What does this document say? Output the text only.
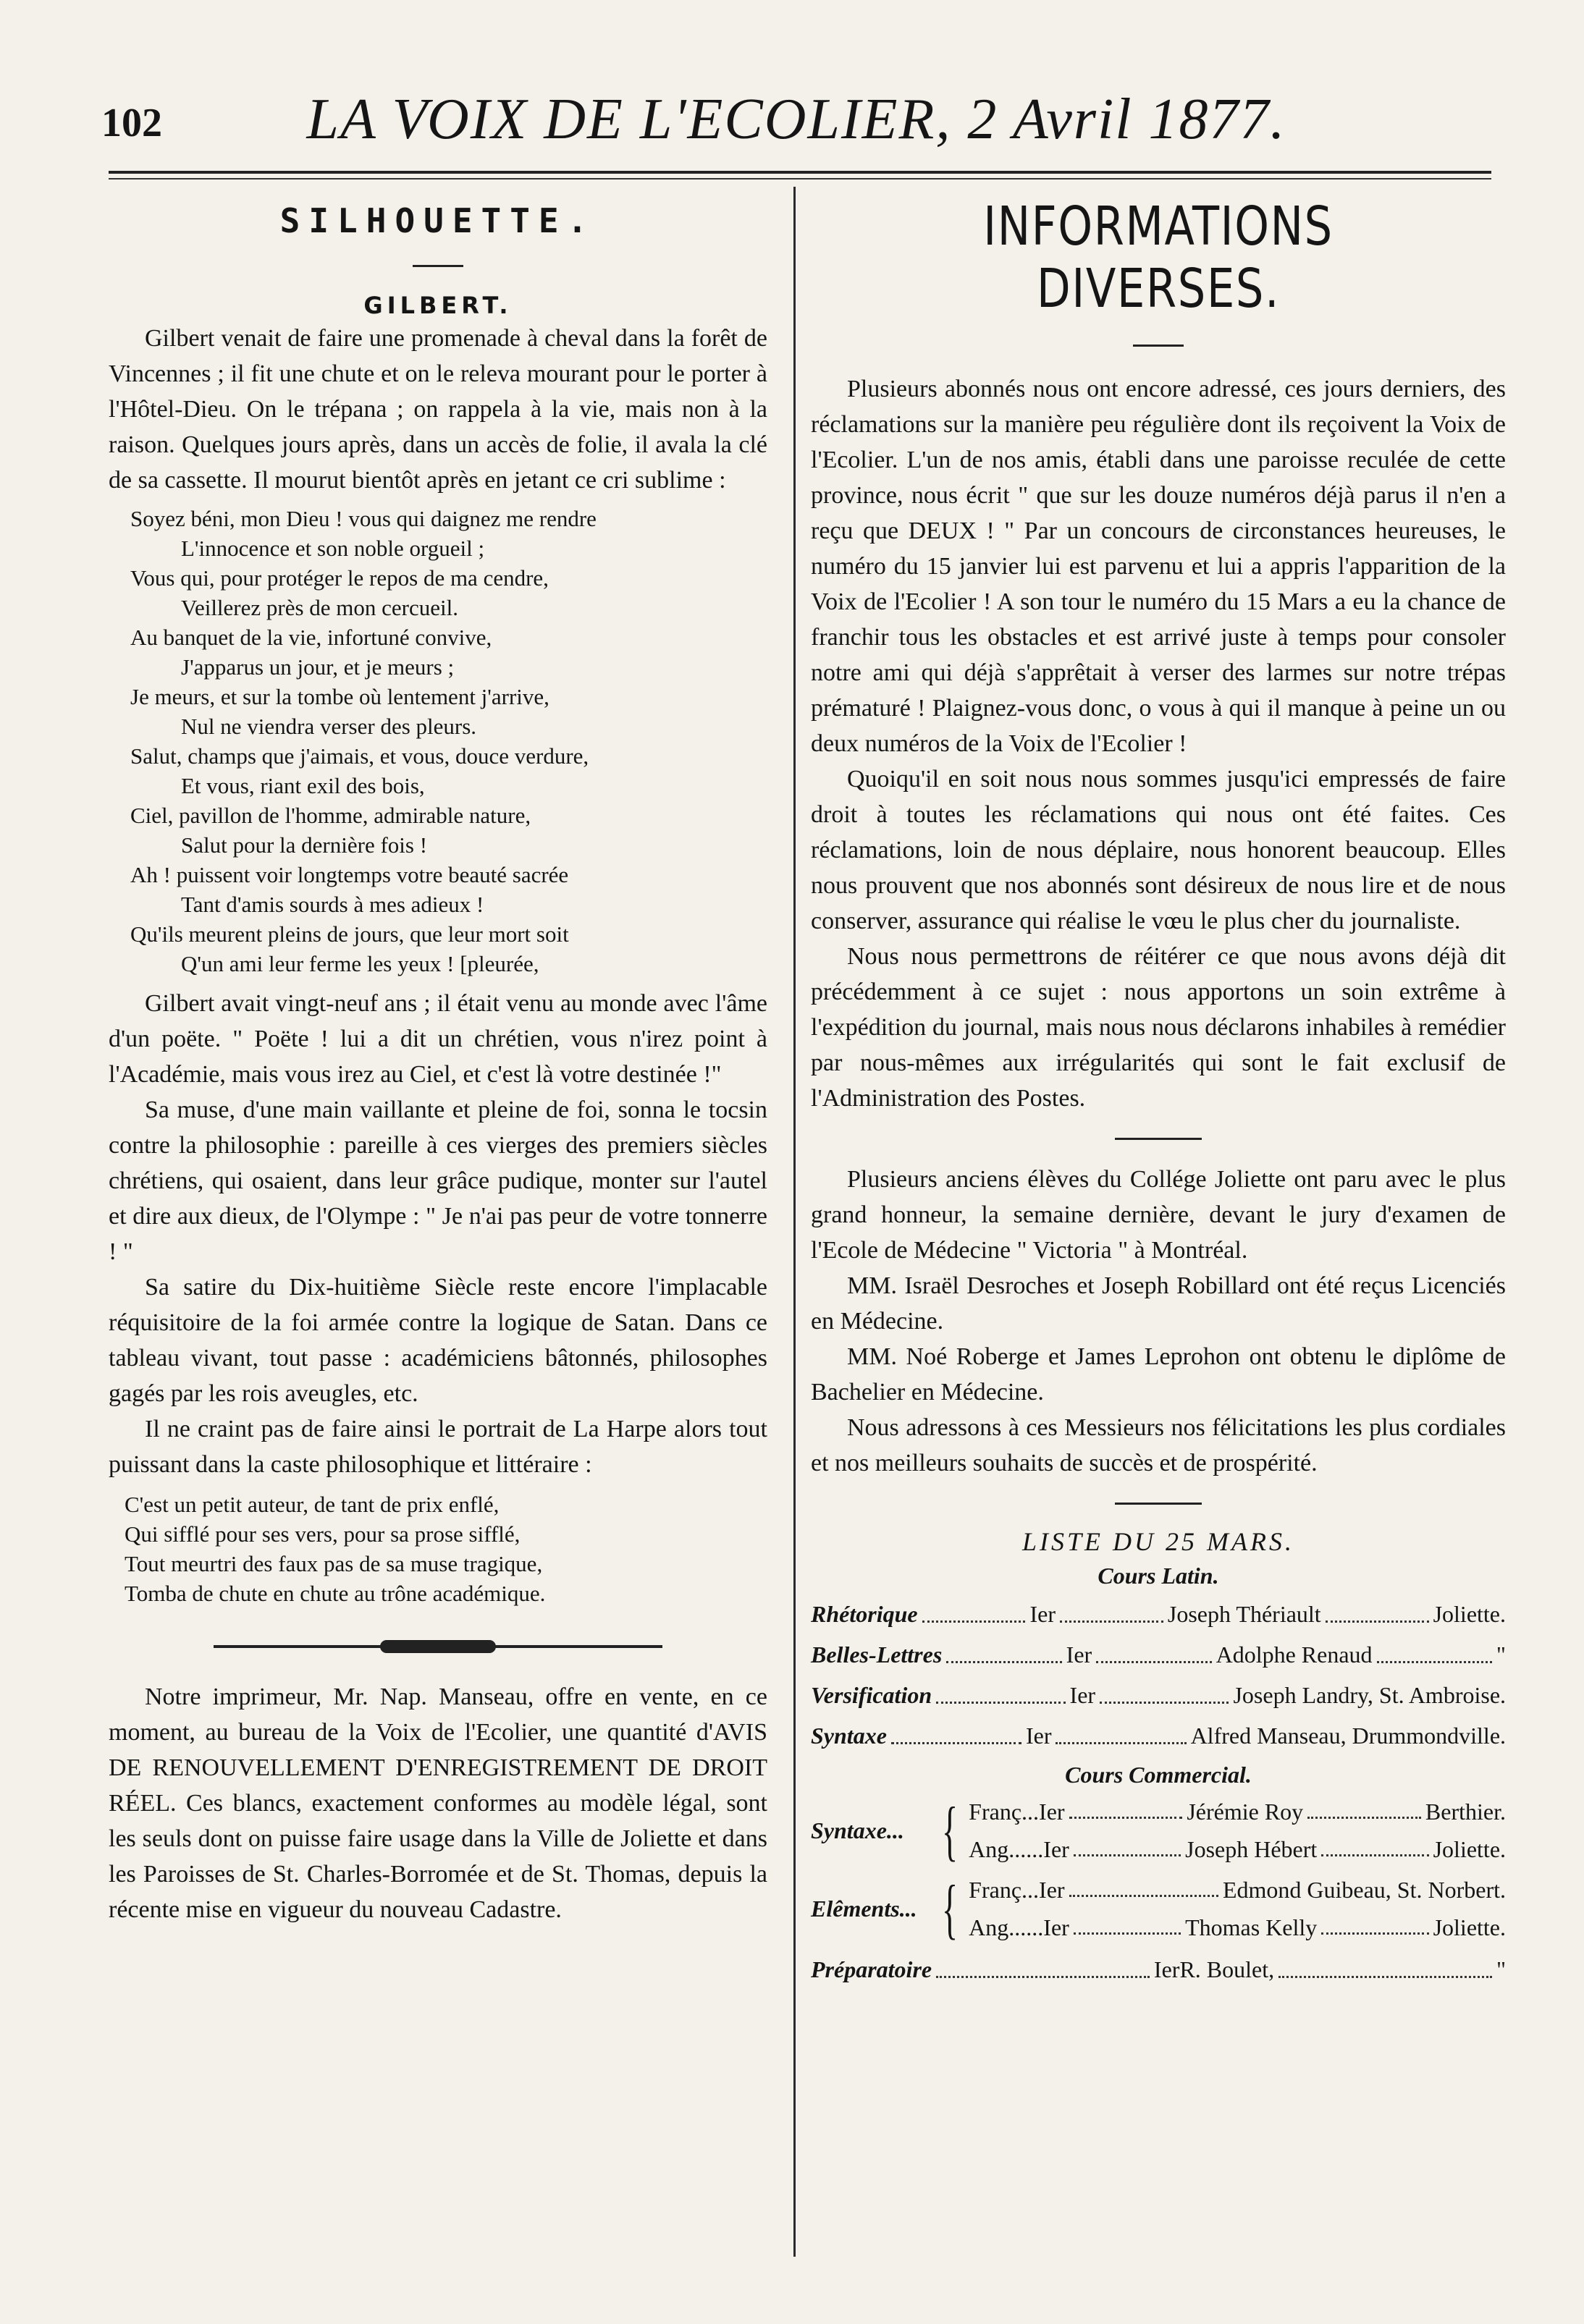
102	LA VOIX DE L'ECOLIER, 2 Avril 1877.
SILHOUETTE.
GILBERT.

Gilbert venait de faire une promenade à cheval dans la forêt de Vincennes ; il fit une chute et on le releva mourant pour le porter à l'Hôtel-Dieu. On le trépana ; on rappela à la vie, mais non à la raison. Quelques jours après, dans un accès de folie, il avala la clé de sa cassette. Il mourut bientôt après en jetant ce cri sublime :

Soyez béni, mon Dieu ! vous qui daignez me rendre
L'innocence et son noble orgueil ;
Vous qui, pour protéger le repos de ma cendre,
Veillerez près de mon cercueil.
Au banquet de la vie, infortuné convive,
J'apparus un jour, et je meurs ;
Je meurs, et sur la tombe où lentement j'arrive,
Nul ne viendra verser des pleurs.
Salut, champs que j'aimais, et vous, douce verdure,
Et vous, riant exil des bois,
Ciel, pavillon de l'homme, admirable nature,
Salut pour la dernière fois !
Ah ! puissent voir longtemps votre beauté sacrée
Tant d'amis sourds à mes adieux !
Qu'ils meurent pleins de jours, que leur mort soit
Q'un ami leur ferme les yeux ! [pleurée,

Gilbert avait vingt-neuf ans ; il était venu au monde avec l'âme d'un poëte. " Poëte ! lui a dit un chrétien, vous n'irez point à l'Académie, mais vous irez au Ciel, et c'est là votre destinée !"

Sa muse, d'une main vaillante et pleine de foi, sonna le tocsin contre la philosophie : pareille à ces vierges des premiers siècles chrétiens, qui osaient, dans leur grâce pudique, monter sur l'autel et dire aux dieux, de l'Olympe : " Je n'ai pas peur de votre tonnerre ! "

Sa satire du Dix-huitième Siècle reste encore l'implacable réquisitoire de la foi armée contre la logique de Satan. Dans ce tableau vivant, tout passe : académiciens bâtonnés, philosophes gagés par les rois aveugles, etc.

Il ne craint pas de faire ainsi le portrait de La Harpe alors tout puissant dans la caste philosophique et littéraire :

C'est un petit auteur, de tant de prix enflé,
Qui sifflé pour ses vers, pour sa prose sifflé,
Tout meurtri des faux pas de sa muse tragique,
Tomba de chute en chute au trône académique.

Notre imprimeur, Mr. Nap. Manseau, offre en vente, en ce moment, au bureau de la Voix de l'Ecolier, une quantité d'AVIS DE RENOUVELLEMENT D'ENREGISTREMENT DE DROIT RÉEL. Ces blancs, exactement conformes au modèle légal, sont les seuls dont on puisse faire usage dans la Ville de Joliette et dans les Paroisses de St. Charles-Borromée et de St. Thomas, depuis la récente mise en vigueur du nouveau Cadastre.

INFORMATIONS DIVERSES.

Plusieurs abonnés nous ont encore adressé, ces jours derniers, des réclamations sur la manière peu régulière dont ils reçoivent la Voix de l'Ecolier. L'un de nos amis, établi dans une paroisse reculée de cette province, nous écrit " que sur les douze numéros déjà parus il n'en a reçu que DEUX ! " Par un concours de circonstances heureuses, le numéro du 15 janvier lui est parvenu et lui a appris l'apparition de la Voix de l'Ecolier ! A son tour le numéro du 15 Mars a eu la chance de franchir tous les obstacles et est arrivé juste à temps pour consoler notre ami qui déjà s'apprêtait à verser des larmes sur notre trépas prématuré ! Plaignez-vous donc, o vous à qui il manque à peine un ou deux numéros de la Voix de l'Ecolier !

Quoiqu'il en soit nous nous sommes jusqu'ici empressés de faire droit à toutes les réclamations qui nous ont été faites. Ces réclamations, loin de nous déplaire, nous honorent beaucoup. Elles nous prouvent que nos abonnés sont désireux de nous lire et de nous conserver, assurance qui réalise le vœu le plus cher du journaliste.

Nous nous permettrons de réitérer ce que nous avons déjà dit précédemment à ce sujet : nous apportons un soin extrême à l'expédition du journal, mais nous nous déclarons inhabiles à remédier par nous-mêmes aux irrégularités qui sont le fait exclusif de l'Administration des Postes.

Plusieurs anciens élèves du Collége Joliette ont paru avec le plus grand honneur, la semaine dernière, devant le jury d'examen de l'Ecole de Médecine " Victoria " à Montréal.

MM. Israël Desroches et Joseph Robillard ont été reçus Licenciés en Médecine.

MM. Noé Roberge et James Leprohon ont obtenu le diplôme de Bachelier en Médecine.

Nous adressons à ces Messieurs nos félicitations les plus cordiales et nos meilleurs souhaits de succès et de prospérité.

LISTE DU 25 MARS.
Cours Latin.
Rhétorique	Ier	Joseph Thériault	Joliette.
Belles-Lettres	Ier	Adolphe Renaud	"
Versification	Ier	Joseph Landry, St. Ambroise.
Syntaxe	Ier	Alfred Manseau, Drummondville.
Cours Commercial.
Syntaxe... { Franç... Ier	Jérémie Roy	Berthier.
Ang...... Ier	Joseph Hébert	Joliette.
Elêments... { Franç... Ier	Edmond Guibeau, St. Norbert.
Ang...... Ier	Thomas Kelly	Joliette.
Préparatoire	Ier R. Boulet,	"
